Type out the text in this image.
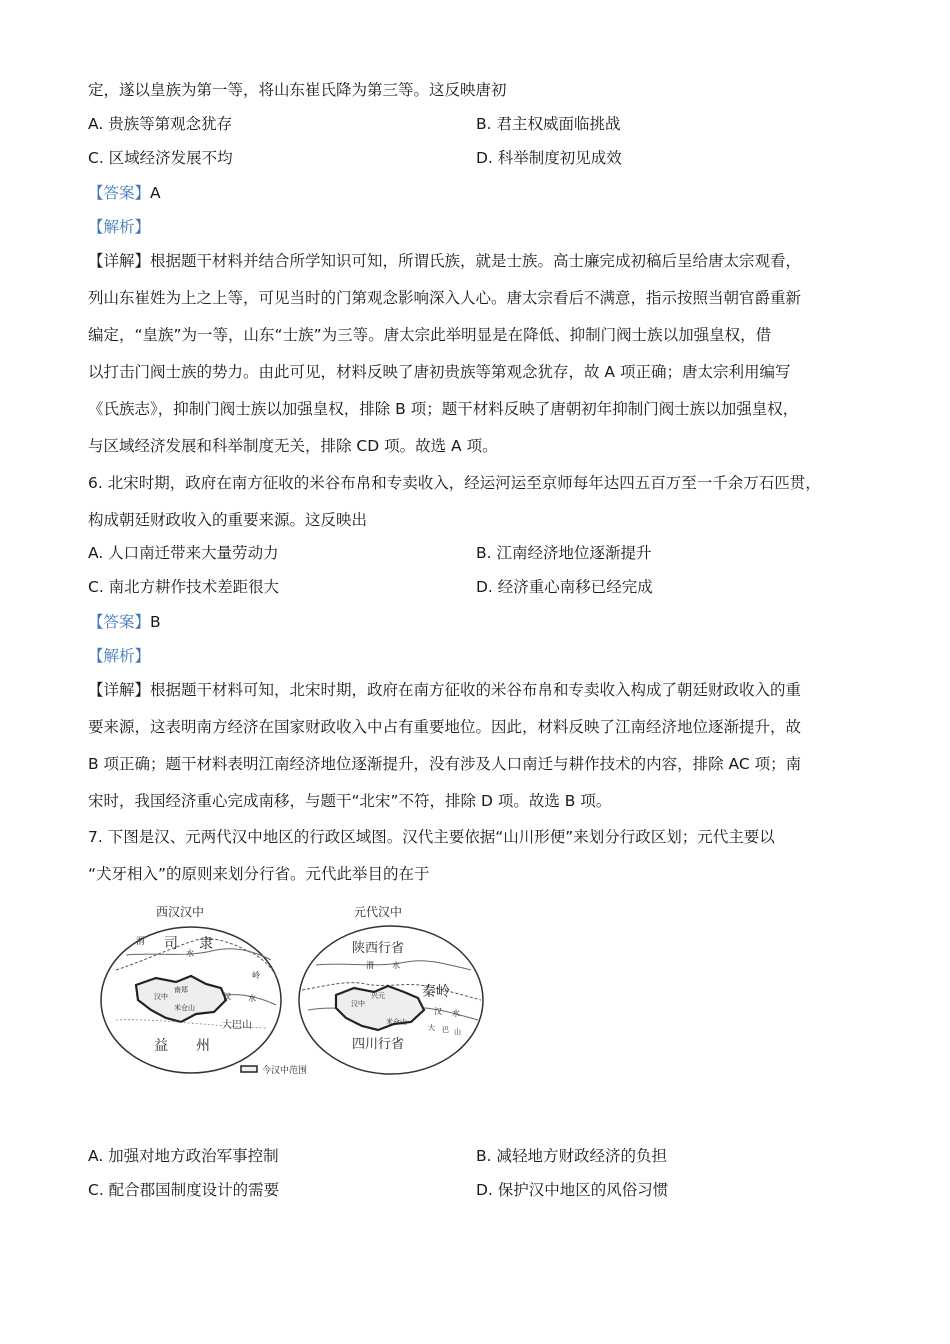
定，遂以皇族为第一等，将山东崔氏降为第三等。这反映唐初
A. 贵族等第观念犹存	B. 君主权威面临挑战
C. 区域经济发展不均	D. 科举制度初见成效
【答案】A
【解析】
【详解】根据题干材料并结合所学知识可知，所谓氏族，就是士族。高士廉完成初稿后呈给唐太宗观看，
列山东崔姓为上之上等，可见当时的门第观念影响深入人心。唐太宗看后不满意，指示按照当朝官爵重新
编定，“皇族”为一等，山东“士族”为三等。唐太宗此举明显是在降低、抑制门阀士族以加强皇权，借
以打击门阀士族的势力。由此可见，材料反映了唐初贵族等第观念犹存，故 A 项正确；唐太宗利用编写
《氏族志》，抑制门阀士族以加强皇权，排除 B 项；题干材料反映了唐朝初年抑制门阀士族以加强皇权，
与区域经济发展和科举制度无关，排除 CD 项。故选 A 项。
6. 北宋时期，政府在南方征收的米谷布帛和专卖收入，经运河运至京师每年达四五百万至一千余万石匹贯，
构成朝廷财政收入的重要来源。这反映出
A. 人口南迁带来大量劳动力	B. 江南经济地位逐渐提升
C. 南北方耕作技术差距很大	D. 经济重心南移已经完成
【答案】B
【解析】
【详解】根据题干材料可知，北宋时期，政府在南方征收的米谷布帛和专卖收入构成了朝廷财政收入的重
要来源，这表明南方经济在国家财政收入中占有重要地位。因此，材料反映了江南经济地位逐渐提升，故
B 项正确；题干材料表明江南经济地位逐渐提升，没有涉及人口南迁与耕作技术的内容，排除 AC 项；南
宋时，我国经济重心完成南移，与题干“北宋”不符，排除 D 项。故选 B 项。
7. 下图是汉、元两代汉中地区的行政区域图。汉代主要依据“山川形便”来划分行政区划；元代主要以
“犬牙相入”的原则来划分行省。元代此举目的在于
西汉汉中
渭 司 隶
水
岭
南郑
汉中	汉 水
米仓山
大巴山
益 州
元代汉中
陕西行省
渭 水
兴元
汉中
秦岭
汉 水
米仓山
大 巴 山
四川行省
今汉中范围
A. 加强对地方政治军事控制	B. 减轻地方财政经济的负担
C. 配合郡国制度设计的需要	D. 保护汉中地区的风俗习惯
